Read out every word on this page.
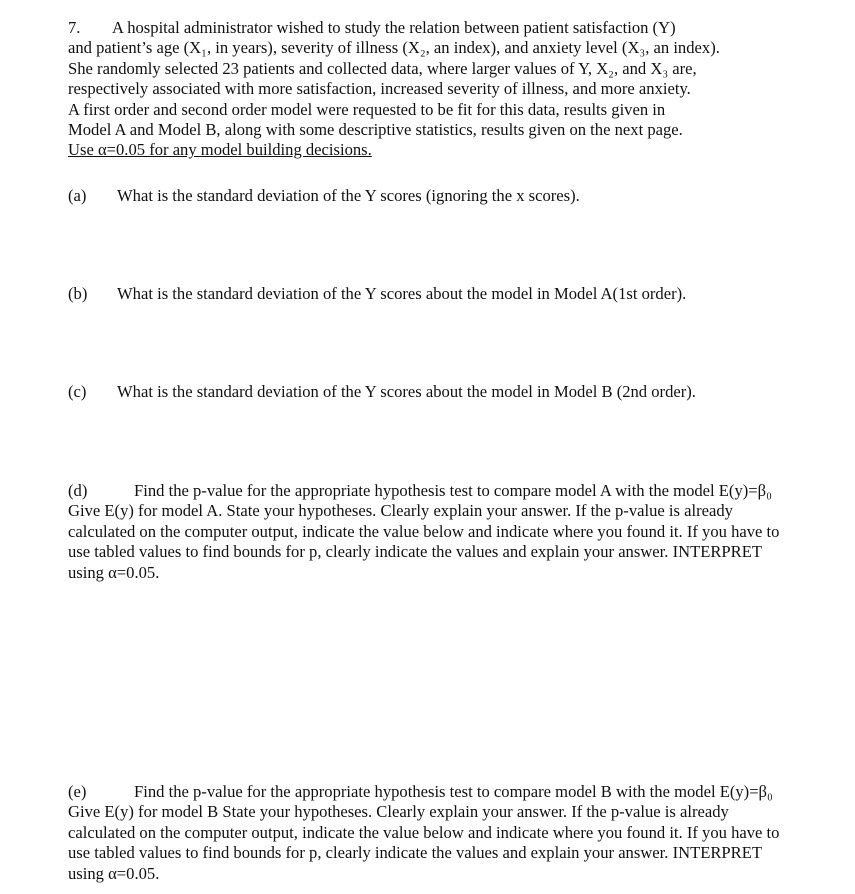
7. A hospital administrator wished to study the relation between patient satisfaction (Y)
and patient’s age (X₁, in years), severity of illness (X₂, an index), and anxiety level (X₃, an index).
She randomly selected 23 patients and collected data, where larger values of Y, X₂, and X₃ are,
respectively associated with more satisfaction, increased severity of illness, and more anxiety.
A first order and second order model were requested to be fit for this data, results given in
Model A and Model B, along with some descriptive statistics, results given on the next page.
Use α=0.05 for any model building decisions.
(a) What is the standard deviation of the Y scores (ignoring the x scores).
(b) What is the standard deviation of the Y scores about the model in Model A(1st order).
(c) What is the standard deviation of the Y scores about the model in Model B (2nd order).
(d)	Find the p-value for the appropriate hypothesis test to compare model A with the model E(y)=β₀
Give E(y) for model A. State your hypotheses. Clearly explain your answer. If the p-value is already
calculated on the computer output, indicate the value below and indicate where you found it. If you have to
use tabled values to find bounds for p, clearly indicate the values and explain your answer. INTERPRET
using α=0.05.
(e)	Find the p-value for the appropriate hypothesis test to compare model B with the model E(y)=β₀
Give E(y) for model B State your hypotheses. Clearly explain your answer. If the p-value is already
calculated on the computer output, indicate the value below and indicate where you found it. If you have to
use tabled values to find bounds for p, clearly indicate the values and explain your answer. INTERPRET
using α=0.05.
